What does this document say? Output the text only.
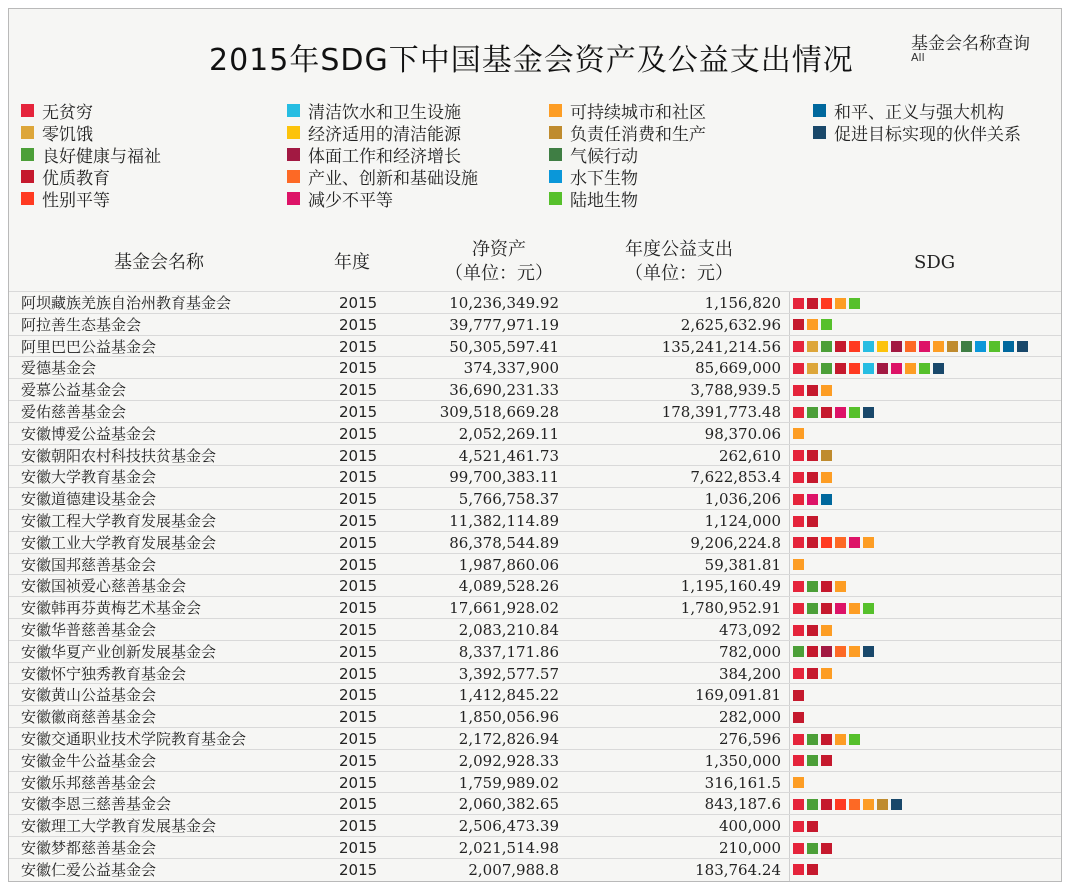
2015年SDG下中国基金会资产及公益支出情况	基金会名称查询
All
无贫穷
零饥饿
良好健康与福祉
优质教育
性别平等
清洁饮水和卫生设施
经济适用的清洁能源
体面工作和经济增长
产业、创新和基础设施
减少不平等
可持续城市和社区
负责任消费和生产
气候行动
水下生物
陆地生物
和平、正义与强大机构
促进目标实现的伙伴关系
基金会名称	年度
净资产
（单位：元）
年度公益支出
（单位：元）
SDG
阿坝藏族羌族自治州教育基金会	2015	10,236,349.92	1,156,820
阿拉善生态基金会	2015	39,777,971.19	2,625,632.96
阿里巴巴公益基金会	2015	50,305,597.41	135,241,214.56
爱德基金会	2015	374,337,900	85,669,000
爱慕公益基金会	2015	36,690,231.33	3,788,939.5
爱佑慈善基金会	2015	309,518,669.28	178,391,773.48
安徽博爱公益基金会	2015	2,052,269.11	98,370.06
安徽朝阳农村科技扶贫基金会	2015	4,521,461.73	262,610
安徽大学教育基金会	2015	99,700,383.11	7,622,853.4
安徽道德建设基金会	2015	5,766,758.37	1,036,206
安徽工程大学教育发展基金会	2015	11,382,114.89	1,124,000
安徽工业大学教育发展基金会	2015	86,378,544.89	9,206,224.8
安徽国邦慈善基金会	2015	1,987,860.06	59,381.81
安徽国祯爱心慈善基金会	2015	4,089,528.26	1,195,160.49
安徽韩再芬黄梅艺术基金会	2015	17,661,928.02	1,780,952.91
安徽华普慈善基金会	2015	2,083,210.84	473,092
安徽华夏产业创新发展基金会	2015	8,337,171.86	782,000
安徽怀宁独秀教育基金会	2015	3,392,577.57	384,200
安徽黄山公益基金会	2015	1,412,845.22	169,091.81
安徽徽商慈善基金会	2015	1,850,056.96	282,000
安徽交通职业技术学院教育基金会	2015	2,172,826.94	276,596
安徽金牛公益基金会	2015	2,092,928.33	1,350,000
安徽乐邦慈善基金会	2015	1,759,989.02	316,161.5
安徽李恩三慈善基金会	2015	2,060,382.65	843,187.6
安徽理工大学教育发展基金会	2015	2,506,473.39	400,000
安徽梦都慈善基金会	2015	2,021,514.98	210,000
安徽仁爱公益基金会	2015	2,007,988.8	183,764.24
